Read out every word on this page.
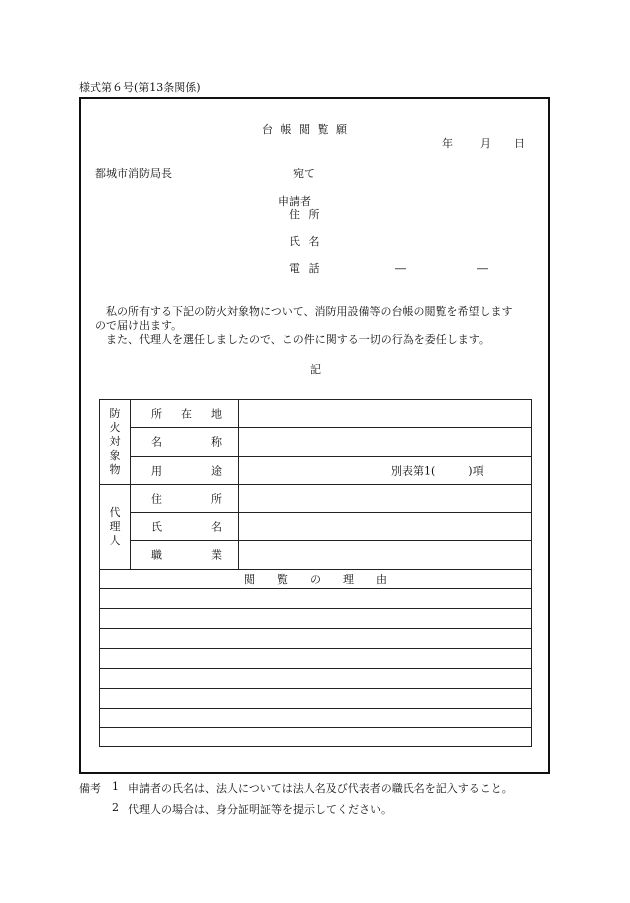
様式第６号(第13条関係)
台 帳 閲 覧 願
年 月 日
都城市消防局長	宛て
申請者
住 所
氏 名
電 話	―	―
　私の所有する下記の防火対象物について、消防用設備等の台帳の閲覧を希望します
ので届け出ます。
　また、代理人を選任しましたので、この件に関する一切の行為を委任します。
記
防
火
対
象
物	所 在 地	

	名 称	

	用 途	別表第1(　　　)項

代
理
人	住 所	

	氏 名	

	職 業	

閲　　覧　　の　　理　　由		

備考 1 申請者の氏名は、法人については法人名及び代表者の職氏名を記入すること。
2 代理人の場合は、身分証明証等を提示してください。
